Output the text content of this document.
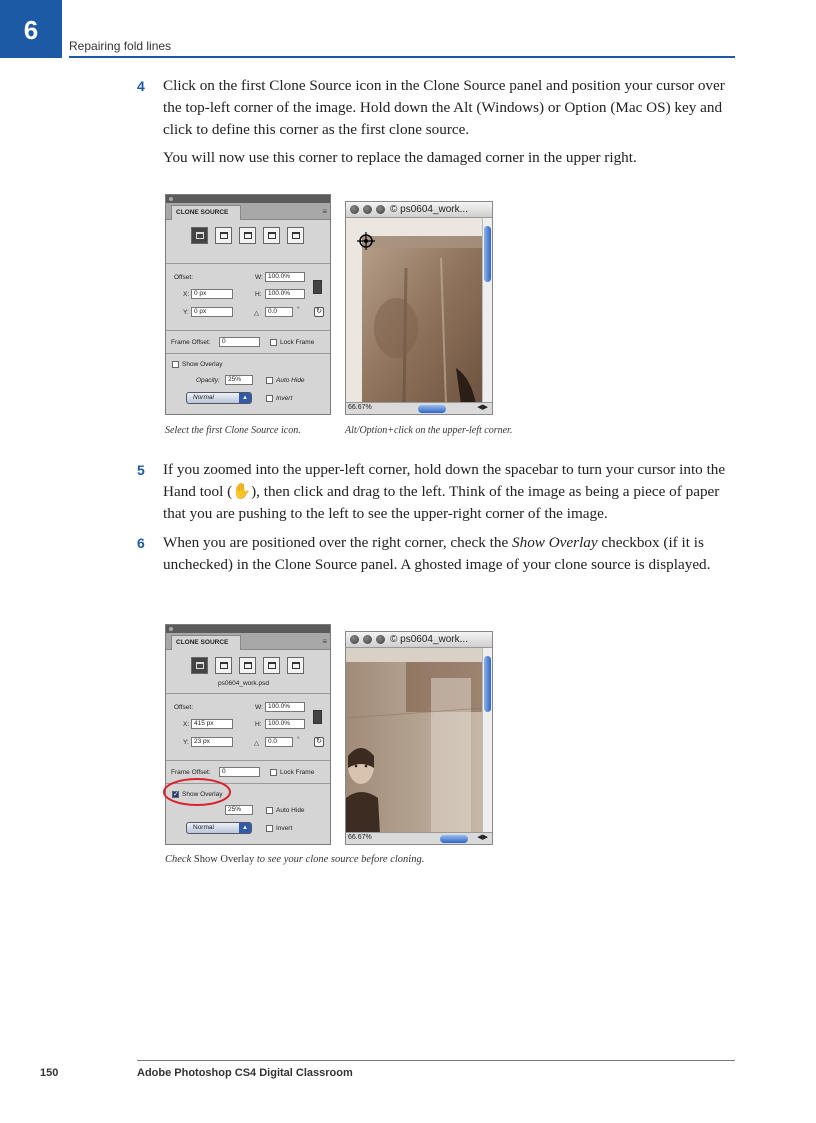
6
Repairing fold lines
4 Click on the first Clone Source icon in the Clone Source panel and position your cursor over the top-left corner of the image. Hold down the Alt (Windows) or Option (Mac OS) key and click to define this corner as the first clone source.
You will now use this corner to replace the damaged corner in the upper right.
CLONE SOURCE	≡
Offset:	W: 100.0%
X: 0 px	H:	100.0%
Y: 0 px	△	0.0	° ↻
Frame Offset:	0	Lock Frame
Show Overlay
Opacity:	25%	Auto Hide
Normal	▲	Invert
© ps0604_work...
66.67%	◀▶
Select the first Clone Source icon.	Alt/Option+click on the upper-left corner.
5 If you zoomed into the upper-left corner, hold down the spacebar to turn your cursor into the Hand tool (✋), then click and drag to the left. Think of the image as being a piece of paper that you are pushing to the left to see the upper-right corner of the image.
6 When you are positioned over the right corner, check the Show Overlay checkbox (if it is unchecked) in the Clone Source panel. A ghosted image of your clone source is displayed.
CLONE SOURCE	≡
ps0604_work.psd
Offset:	W: 100.0%
X: 415 px	H:	100.0%
Y: 23 px	△	0.0	° ↻
Frame Offset:	0	Lock Frame
✓ Show Overlay
25%	Auto Hide
Normal	▲	Invert
© ps0604_work...
66.67%	◀▶
Check Show Overlay to see your clone source before cloning.
150	Adobe Photoshop CS4 Digital Classroom
